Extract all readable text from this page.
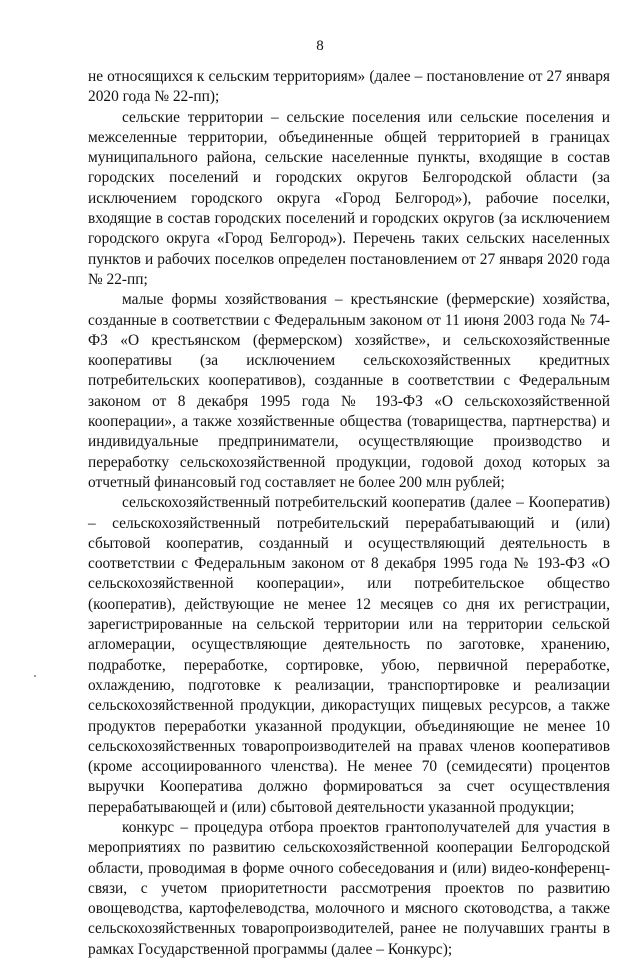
8

не относящихся к сельским территориям» (далее – постановление от 27 января 2020 года № 22-пп);

сельские территории – сельские поселения или сельские поселения и межселенные территории, объединенные общей территорией в границах муниципального района, сельские населенные пункты, входящие в состав городских поселений и городских округов Белгородской области (за исключением городского округа «Город Белгород»), рабочие поселки, входящие в состав городских поселений и городских округов (за исключением городского округа «Город Белгород»). Перечень таких сельских населенных пунктов и рабочих поселков определен постановлением от 27 января 2020 года № 22-пп;

малые формы хозяйствования – крестьянские (фермерские) хозяйства, созданные в соответствии с Федеральным законом от 11 июня 2003 года № 74-ФЗ «О крестьянском (фермерском) хозяйстве», и сельскохозяйственные кооперативы (за исключением сельскохозяйственных кредитных потребительских кооперативов), созданные в соответствии с Федеральным законом от 8 декабря 1995 года № 193-ФЗ «О сельскохозяйственной кооперации», а также хозяйственные общества (товарищества, партнерства) и индивидуальные предприниматели, осуществляющие производство и переработку сельскохозяйственной продукции, годовой доход которых за отчетный финансовый год составляет не более 200 млн рублей;

сельскохозяйственный потребительский кооператив (далее – Кооператив) – сельскохозяйственный потребительский перерабатывающий и (или) сбытовой кооператив, созданный и осуществляющий деятельность в соответствии с Федеральным законом от 8 декабря 1995 года № 193-ФЗ «О сельскохозяйственной кооперации», или потребительское общество (кооператив), действующие не менее 12 месяцев со дня их регистрации, зарегистрированные на сельской территории или на территории сельской агломерации, осуществляющие деятельность по заготовке, хранению, подработке, переработке, сортировке, убою, первичной переработке, охлаждению, подготовке к реализации, транспортировке и реализации сельскохозяйственной продукции, дикорастущих пищевых ресурсов, а также продуктов переработки указанной продукции, объединяющие не менее 10 сельскохозяйственных товаропроизводителей на правах членов кооперативов (кроме ассоциированного членства). Не менее 70 (семидесяти) процентов выручки Кооператива должно формироваться за счет осуществления перерабатывающей и (или) сбытовой деятельности указанной продукции;

конкурс – процедура отбора проектов грантополучателей для участия в мероприятиях по развитию сельскохозяйственной кооперации Белгородской области, проводимая в форме очного собеседования и (или) видео-конференц-связи, с учетом приоритетности рассмотрения проектов по развитию овощеводства, картофелеводства, молочного и мясного скотоводства, а также сельскохозяйственных товаропроизводителей, ранее не получавших гранты в рамках Государственной программы (далее – Конкурс);
